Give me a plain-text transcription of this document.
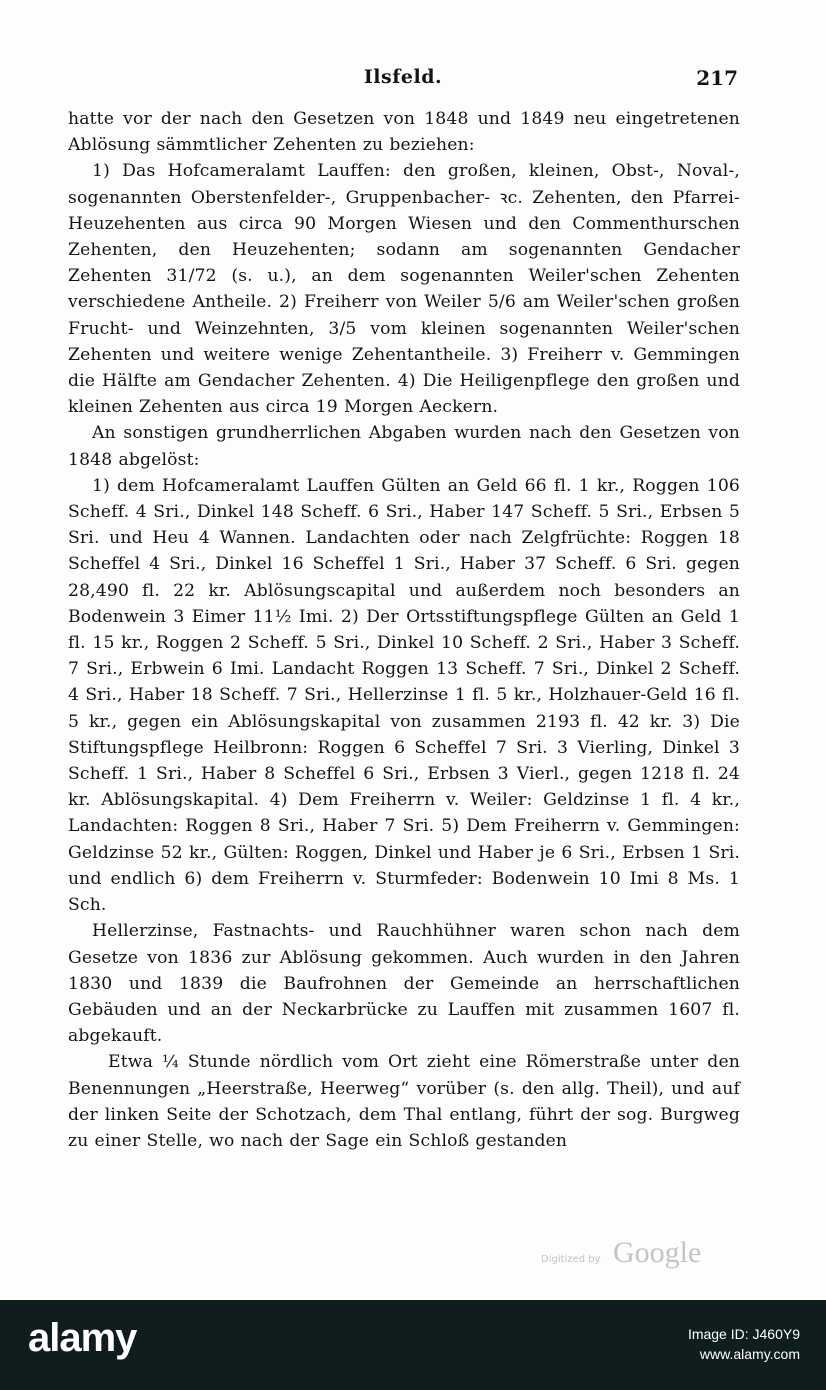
Ilsfeld.	217

hatte vor der nach den Gesetzen von 1848 und 1849 neu eingetretenen Ablösung sämmtlicher Zehenten zu beziehen:

1) Das Hofcameralamt Lauffen: den großen, kleinen, Obst-, Noval-, sogenannten Oberstenfelder-, Gruppenbacher- ꝛc. Zehenten, den Pfarrei-Heuzehenten aus circa 90 Morgen Wiesen und den Commenthurschen Zehenten, den Heuzehenten; sodann am sogenannten Gendacher Zehenten 31/72 (s. u.), an dem sogenannten Weiler'schen Zehenten verschiedene Antheile. 2) Freiherr von Weiler 5/6 am Weiler'schen großen Frucht- und Weinzehnten, 3/5 vom kleinen sogenannten Weiler'schen Zehenten und weitere wenige Zehentantheile. 3) Freiherr v. Gemmingen die Hälfte am Gendacher Zehenten. 4) Die Heiligenpflege den großen und kleinen Zehenten aus circa 19 Morgen Aeckern.

An sonstigen grundherrlichen Abgaben wurden nach den Gesetzen von 1848 abgelöst:

1) dem Hofcameralamt Lauffen Gülten an Geld 66 fl. 1 kr., Roggen 106 Scheff. 4 Sri., Dinkel 148 Scheff. 6 Sri., Haber 147 Scheff. 5 Sri., Erbsen 5 Sri. und Heu 4 Wannen. Landachten oder nach Zelgfrüchte: Roggen 18 Scheffel 4 Sri., Dinkel 16 Scheffel 1 Sri., Haber 37 Scheff. 6 Sri. gegen 28,490 fl. 22 kr. Ablösungscapital und außerdem noch besonders an Bodenwein 3 Eimer 11½ Imi. 2) Der Ortsstiftungspflege Gülten an Geld 1 fl. 15 kr., Roggen 2 Scheff. 5 Sri., Dinkel 10 Scheff. 2 Sri., Haber 3 Scheff. 7 Sri., Erbwein 6 Imi. Landacht Roggen 13 Scheff. 7 Sri., Dinkel 2 Scheff. 4 Sri., Haber 18 Scheff. 7 Sri., Hellerzinse 1 fl. 5 kr., Holzhauer-Geld 16 fl. 5 kr., gegen ein Ablösungskapital von zusammen 2193 fl. 42 kr. 3) Die Stiftungspflege Heilbronn: Roggen 6 Scheffel 7 Sri. 3 Vierling, Dinkel 3 Scheff. 1 Sri., Haber 8 Scheffel 6 Sri., Erbsen 3 Vierl., gegen 1218 fl. 24 kr. Ablösungskapital. 4) Dem Freiherrn v. Weiler: Geldzinse 1 fl. 4 kr., Landachten: Roggen 8 Sri., Haber 7 Sri. 5) Dem Freiherrn v. Gemmingen: Geldzinse 52 kr., Gülten: Roggen, Dinkel und Haber je 6 Sri., Erbsen 1 Sri. und endlich 6) dem Freiherrn v. Sturmfeder: Bodenwein 10 Imi 8 Ms. 1 Sch.

Hellerzinse, Fastnachts- und Rauchhühner waren schon nach dem Gesetze von 1836 zur Ablösung gekommen. Auch wurden in den Jahren 1830 und 1839 die Baufrohnen der Gemeinde an herrschaftlichen Gebäuden und an der Neckarbrücke zu Lauffen mit zusammen 1607 fl. abgekauft.

Etwa ¼ Stunde nördlich vom Ort zieht eine Römerstraße unter den Benennungen „Heerstraße, Heerweg“ vorüber (s. den allg. Theil), und auf der linken Seite der Schotzach, dem Thal entlang, führt der sog. Burgweg zu einer Stelle, wo nach der Sage ein Schloß gestanden

Digitized by Google
alamy	Image ID: J460Y9
www.alamy.com
